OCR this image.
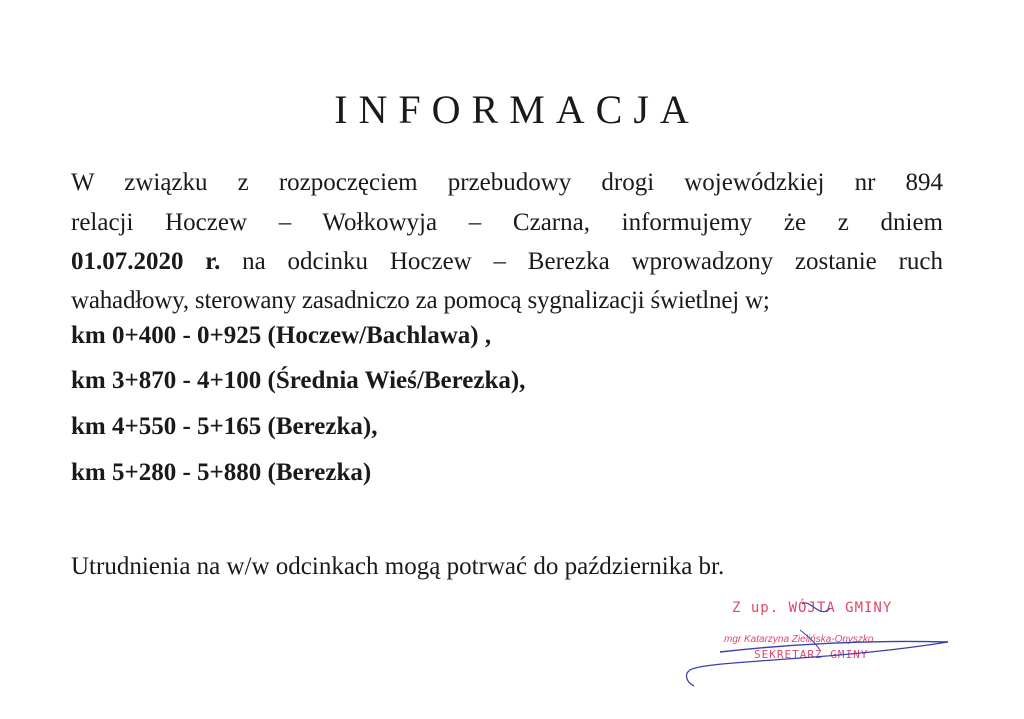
INFORMACJA
W związku z rozpoczęciem przebudowy drogi wojewódzkiej nr 894
relacji Hoczew – Wołkowyja – Czarna, informujemy że z dniem
01.07.2020 r. na odcinku Hoczew – Berezka wprowadzony zostanie ruch
wahadłowy, sterowany zasadniczo za pomocą sygnalizacji świetlnej w;
km 0+400 - 0+925 (Hoczew/Bachlawa) ,
km 3+870 - 4+100 (Średnia Wieś/Berezka),
km 4+550 - 5+165 (Berezka),
km 5+280 - 5+880 (Berezka)
Utrudnienia na w/w odcinkach mogą potrwać do października br.
Z up. WÓJTA GMINY
mgr Katarzyna Zielińska-Onyszko
SEKRETARZ GMINY
